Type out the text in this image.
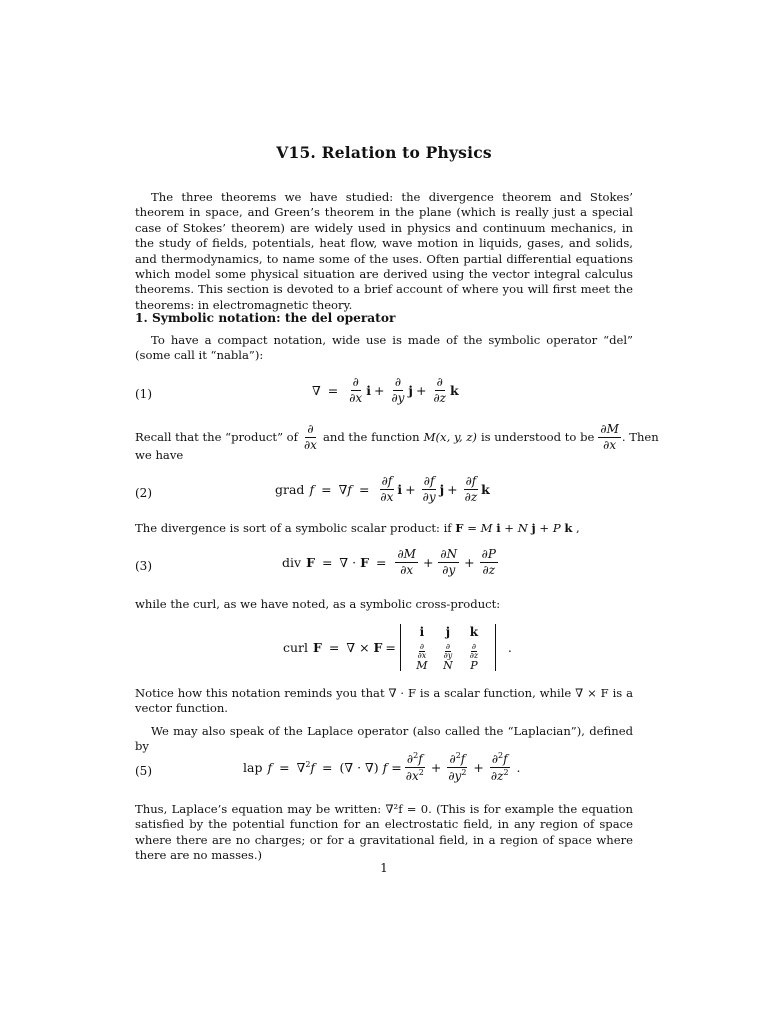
V15. Relation to Physics

The three theorems we have studied: the divergence theorem and Stokes’ theorem in space, and Green’s theorem in the plane (which is really just a special case of Stokes’ theorem) are widely used in physics and continuum mechanics, in the study of fields, potentials, heat flow, wave motion in liquids, gases, and solids, and thermodynamics, to name some of the uses. Often partial differential equations which model some physical situation are derived using the vector integral calculus theorems. This section is devoted to a brief account of where you will first meet the theorems: in electromagnetic theory.

1. Symbolic notation: the del operator

To have a compact notation, wide use is made of the symbolic operator “del” (some call it “nabla”):

(1)	∇ = $\frac{\partial}{\partial x}$ $i + \frac{\partial}{\partial y}$ $j + \frac{\partial}{\partial z}$ k
Recall that the “product” of $\frac{\partial}{\partial x}$ and the function M(x, y, z) is understood to be $\frac{\partial M}{\partial x}$ . Then
we have
(2)	grad $f = \nabla f = \frac{\partial f}{\partial x}$ $i + \frac{\partial f}{\partial y}$ $j + \frac{\partial f}{\partial z}$ k
The divergence is sort of a symbolic scalar product: if F = M i + N j + P k ,
(3)	div F = ∇ · $F = \frac{\partial M}{\partial x} + \frac{\partial N}{\partial y} + \frac{\partial P}{\partial z}$
while the curl, as we have noted, as a symbolic cross-product:
curl F = ∇ × F =
i	j	k
$\frac{\partial}{\partial x} \frac{\partial}{\partial y} \frac{\partial}{\partial z}$
M	N	P
.

Notice how this notation reminds you that ∇ · F is a scalar function, while ∇ × F is a vector function.

We may also speak of the Laplace operator (also called the “Laplacian”), defined by

(5)	lap f = ∇$^2$f = (∇ · ∇) $f = \frac{\partial^2f}{\partial x^2} + \frac{\partial^2f}{\partial y^2} + \frac{\partial^2f}{\partial z^2}$ .

Thus, Laplace’s equation may be written: ∇²f = 0. (This is for example the equation satisfied by the potential function for an electrostatic field, in any region of space where there are no charges; or for a gravitational field, in a region of space where there are no masses.)

1
